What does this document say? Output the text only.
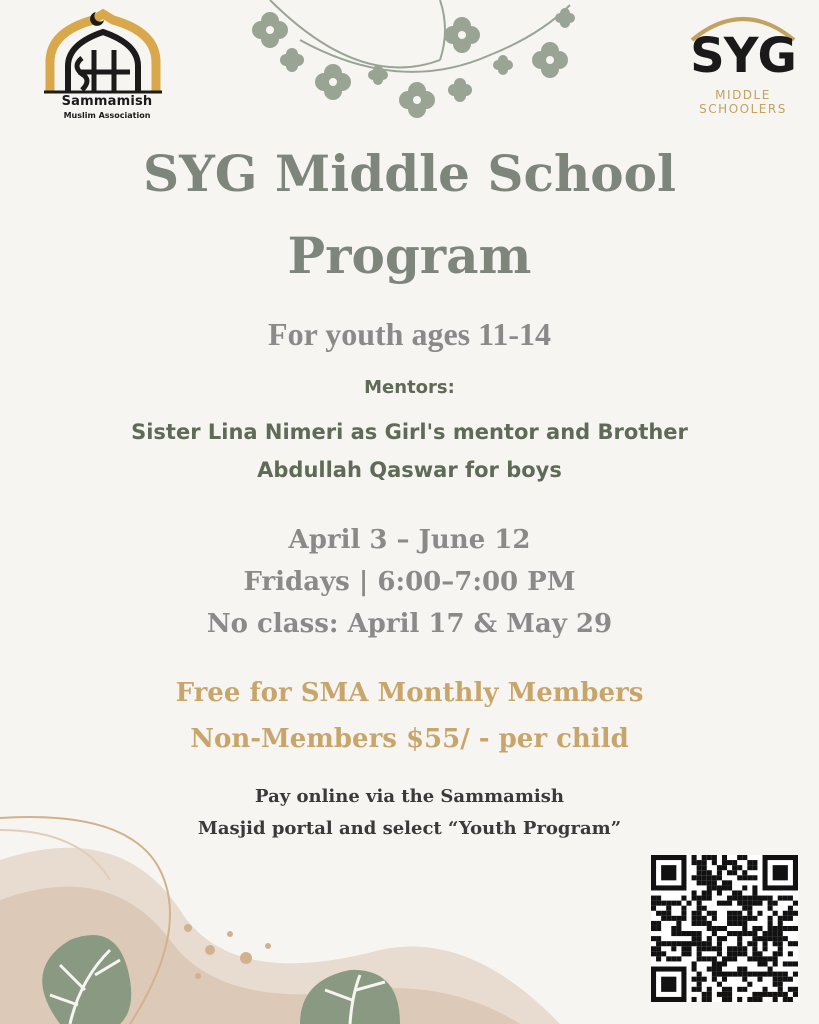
Sammamish
Muslim Association
SYG
MIDDLE
SCHOOLERS
SYG Middle School
Program
For youth ages 11-14
Mentors:
Sister Lina Nimeri as Girl's mentor and Brother
Abdullah Qaswar for boys
April 3 – June 12
Fridays | 6:00–7:00 PM
No class: April 17 & May 29
Free for SMA Monthly Members
Non-Members $55/ - per child
Pay online via the Sammamish
Masjid portal and select “Youth Program”
